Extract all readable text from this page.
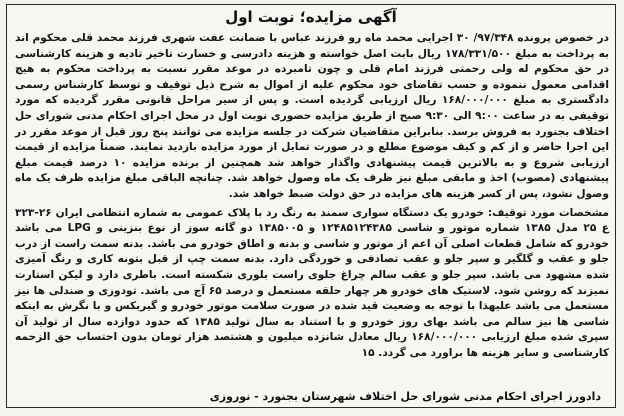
آگهی مزایده؛ نوبت اول

در خصوص پرونده ۹۷/۳۴۸/ ۳۰ اجرایی محمد ماه رو فرزند عباس با ضمانت عفت شهری فرزند محمد قلی محکوم اند به پرداخت به مبلغ ۱۷۸/۳۳۱/۵۰۰ ریال بابت اصل خواسته و هزینه دادرسی و خسارت تاخیر تادیه و هزینه کارشناسی در حق محکوم له ولی رحمتی فرزند امام قلی و چون تامبرده در موعد مقرر نسبت به پرداخت محکوم به هیچ اقدامی معمول ننموده و حسب تقاضای خود محکوم علیه از اموال به شرح ذیل توقیف و توسط کارشناس رسمی دادگستری به مبلغ ۱۶۸/۰۰۰/۰۰۰ ریال ارزیابی گردیده است. و پس از سیر مراحل قانونی مقرر گردیده که مورد توقیفی به در ساعت ۹:۰۰ الی ۹:۳۰ صبح از طریق مزایده حضوری نوبت اول در محل اجرای احکام مدنی شورای حل اختلاف بجنورد به فروش برسد. بنابراین متقاضیان شرکت در جلسه مزایده می توانند پنج روز قبل از موعد مقرر در این اجرا حاضر و از کم و کیف موضوع مطلع و در صورت تمایل از مورد مزایده بازدید نمایند. ضمناً مزایده از قیمت ارزیابی شروع و به بالاترین قیمت پیشنهادی واگذار خواهد شد همچنین از برنده مزایده ۱۰ درصد قیمت مبلغ پیشنهادی (مصوب) اخذ و مابقی مبلغ نیز ظرف یک ماه وصول خواهد شد. چنانچه الباقی مبلغ مزایده ظرف یک ماه وصول نشود، پس از کسر هزینه های مزایده در حق دولت ضبط خواهد شد.

مشخصات مورد توقیف: خودرو یک دستگاه سواری سمند به رنگ رد با پلاک عمومی به شماره انتظامی ایران ۲۶-۳۲۳ ع ۲۵ مدل ۱۳۸۵ شماره موتور و شاسی ۱۲۴۸۵۱۲۴۳۸۵ و ۱۳۸۵۰۰۵ دو گانه سوز از نوع بنزینی و LPG می باشد خودرو که شامل قطعات اصلی آن اعم از موتور و شاسی و بدنه و اطاق خودرو می باشد. بدنه سمت راست از درب جلو و عقب و گلگیر و سپر جلو و عقب تصادفی و خوردگی دارد. بدنه سمت چپ از قبل بتونه کاری و رنگ آمیزی شده مشهود می باشد. سپر جلو و عقب سالم چراغ جلوی راست بلوری شکسته است. باطری دارد و لیکن استارت نمیزند که روشن شود. لاستیک های خودرو هر چهار حلقه مستعمل و درصد ۶۵ آج می باشد. تودوزی و صندلی ها نیز مستعمل می باشد علیهذا با توجه به وضعیت قید شده در صورت سلامت موتور خودرو و گیربکس و با نگرش به اینکه شاسی ها نیز سالم می باشد بهای روز خودرو و با استناد به سال تولید ۱۳۸۵ که حدود دوازده سال از تولید آن سپری شده مبلغ ارزیابی ۱۶۸/۰۰۰/۰۰۰ ریال معادل شانزده میلیون و هشتصد هزار تومان بدون احتساب حق الزحمه کارشناسی و سایر هزینه ها براورد می گردد. ۱۵

دادورز اجرای احکام مدنی شورای حل اختلاف شهرستان بجنورد - نوروزی
